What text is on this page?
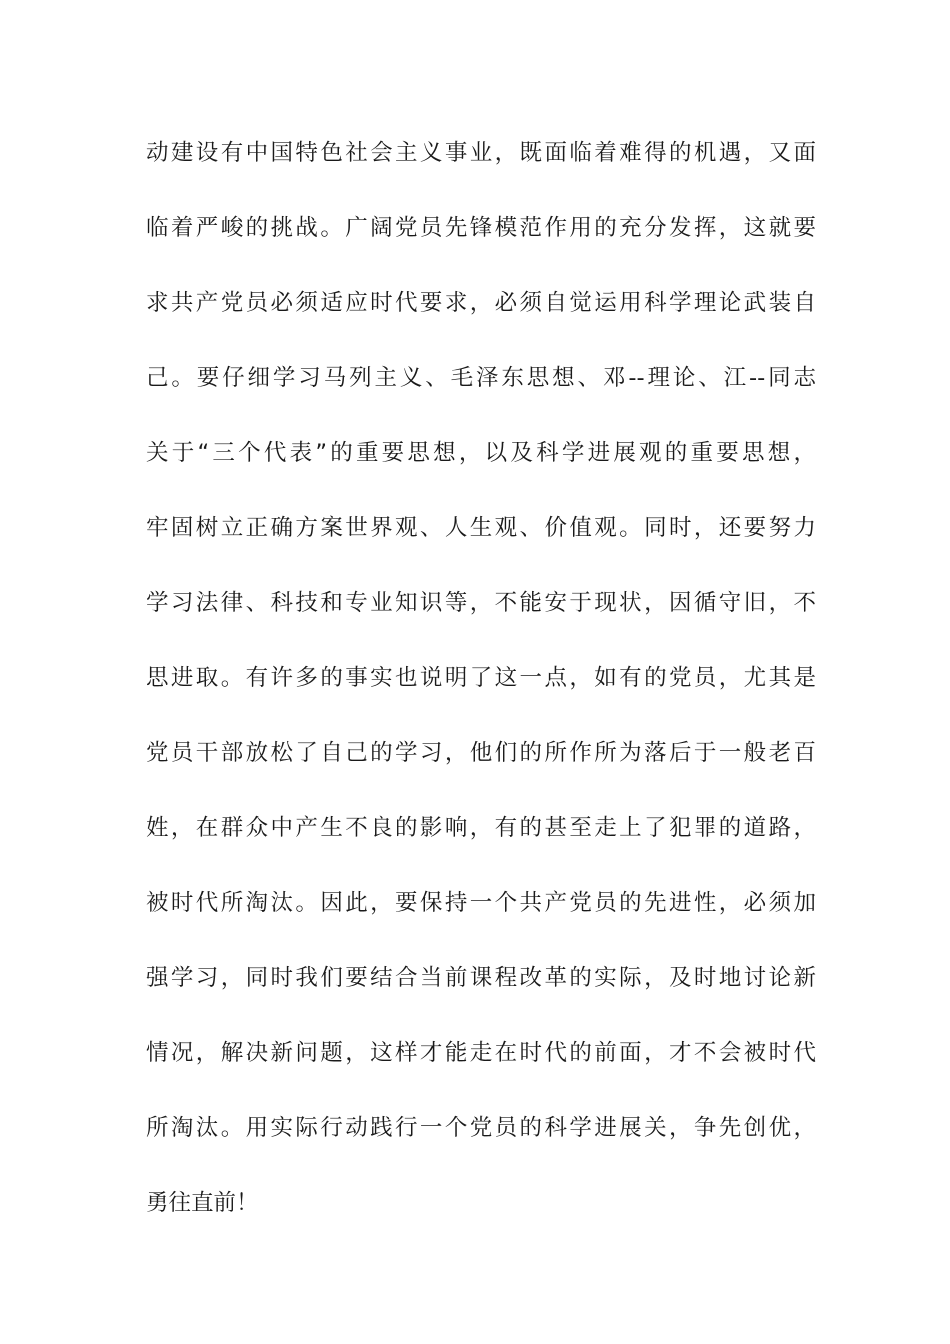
动建设有中国特色社会主义事业，既面临着难得的机遇，又面
临着严峻的挑战。广阔党员先锋模范作用的充分发挥，这就要
求共产党员必须适应时代要求，必须自觉运用科学理论武装自
己。要仔细学习马列主义、毛泽东思想、邓--理论、江--同志
关于“三个代表”的重要思想，以及科学进展观的重要思想，
牢固树立正确方案世界观、人生观、价值观。同时，还要努力
学习法律、科技和专业知识等，不能安于现状，因循守旧，不
思进取。有许多的事实也说明了这一点，如有的党员，尤其是
党员干部放松了自己的学习，他们的所作所为落后于一般老百
姓，在群众中产生不良的影响，有的甚至走上了犯罪的道路，
被时代所淘汰。因此，要保持一个共产党员的先进性，必须加
强学习，同时我们要结合当前课程改革的实际，及时地讨论新
情况，解决新问题，这样才能走在时代的前面，才不会被时代
所淘汰。用实际行动践行一个党员的科学进展关，争先创优，
勇往直前！
